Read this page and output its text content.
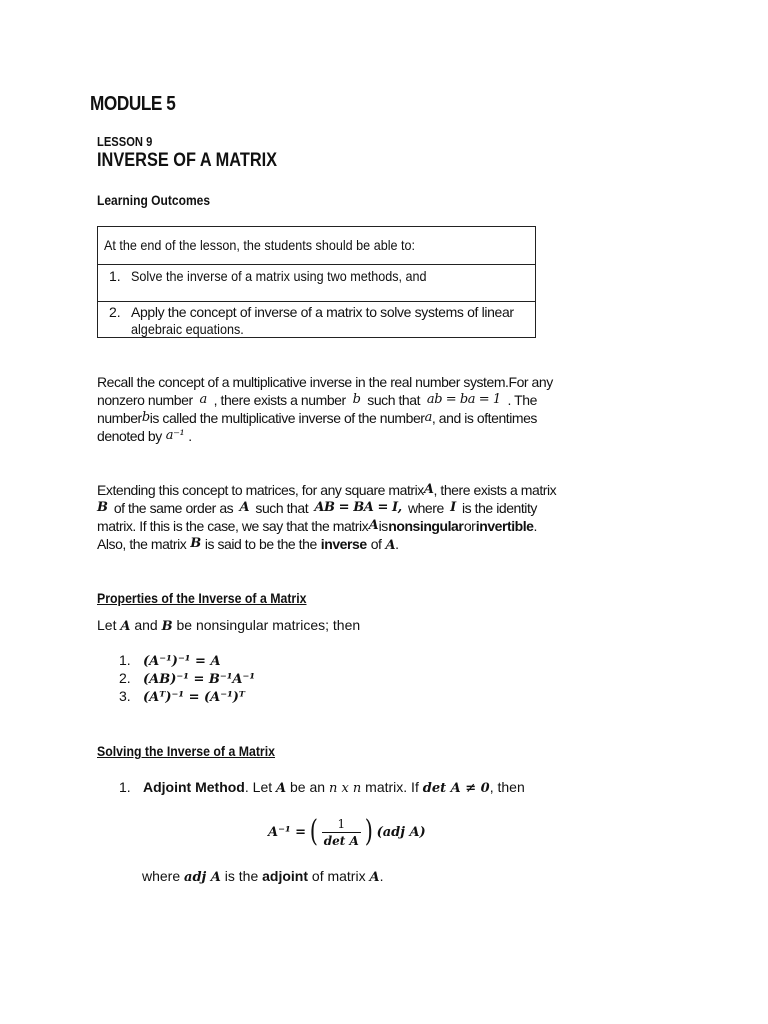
MODULE 5
LESSON 9
INVERSE OF A MATRIX
Learning Outcomes
At the end of the lesson, the students should be able to:
1. Solve the inverse of a matrix using two methods, and
2. Apply the concept of inverse of a matrix to solve systems of linear
algebraic equations.
Recall the concept of a multiplicative inverse in the real number system. For any
nonzero number a , there exists a number b such that ab = ba = 1 . The
number b is called the multiplicative inverse of the number a , and is oftentimes
denoted by a⁻¹ .
Extending this concept to matrices, for any square matrix A , there exists a matrix
B of the same order as A such that AB = BA = I, where I is the identity
matrix. If this is the case, we say that the matrix A is nonsingular or invertible.
Also, the matrix B is said to be the the inverse of A.
Properties of the Inverse of a Matrix
Let A and B be nonsingular matrices; then
1. (A⁻¹)⁻¹ = A
2. (AB)⁻¹ = B⁻¹A⁻¹
3. (Aᵀ)⁻¹ = (A⁻¹)ᵀ
Solving the Inverse of a Matrix
1. Adjoint Method. Let A be an n x n matrix. If det A ≠ 0, then
A⁻¹ = ( $\frac{1}{\text{det A}}$ ) (adj A)
where adj A is the adjoint of matrix A.
